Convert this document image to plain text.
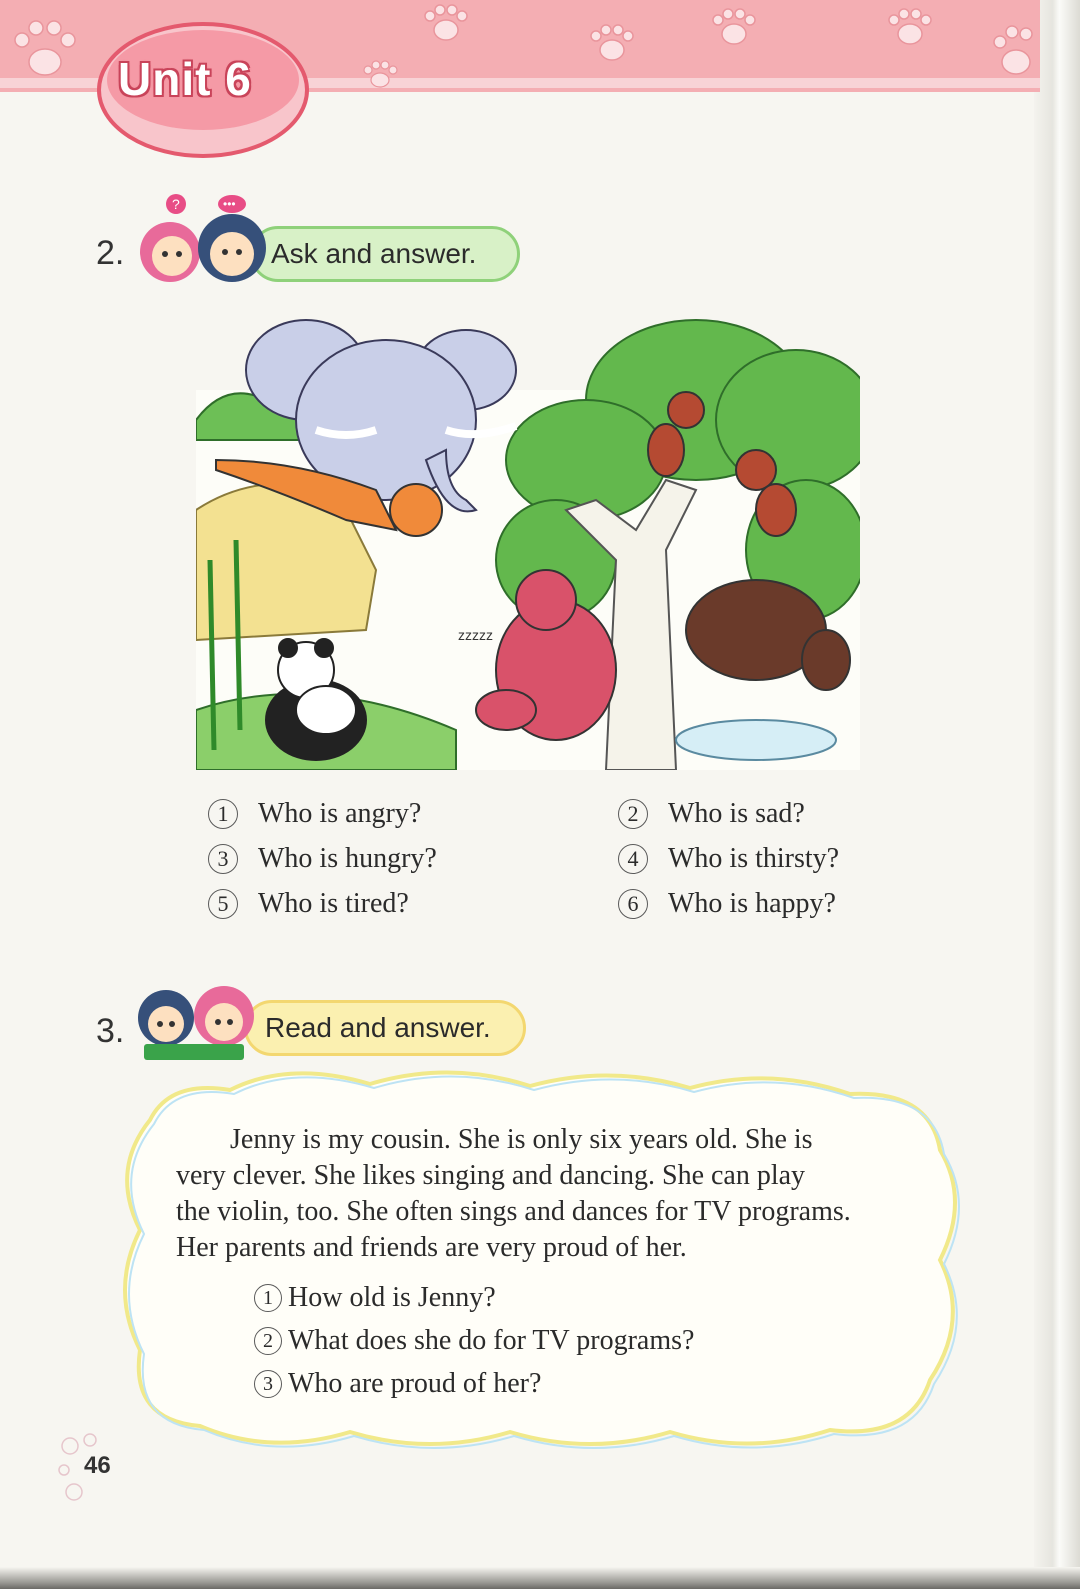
Unit 6
2.	Ask and answer.
?	•••
zzzzz
1	Who is angry?	2	Who is sad?
3	Who is hungry?	4	Who is thirsty?
5	Who is tired?	6	Who is happy?
3.	Read and answer.
Jenny is my cousin. She is only six years old. She is
very clever. She likes singing and dancing. She can play
the violin, too. She often sings and dances for TV programs.
Her parents and friends are very proud of her.
1 How old is Jenny?
2 What does she do for TV programs?
3 Who are proud of her?
46
